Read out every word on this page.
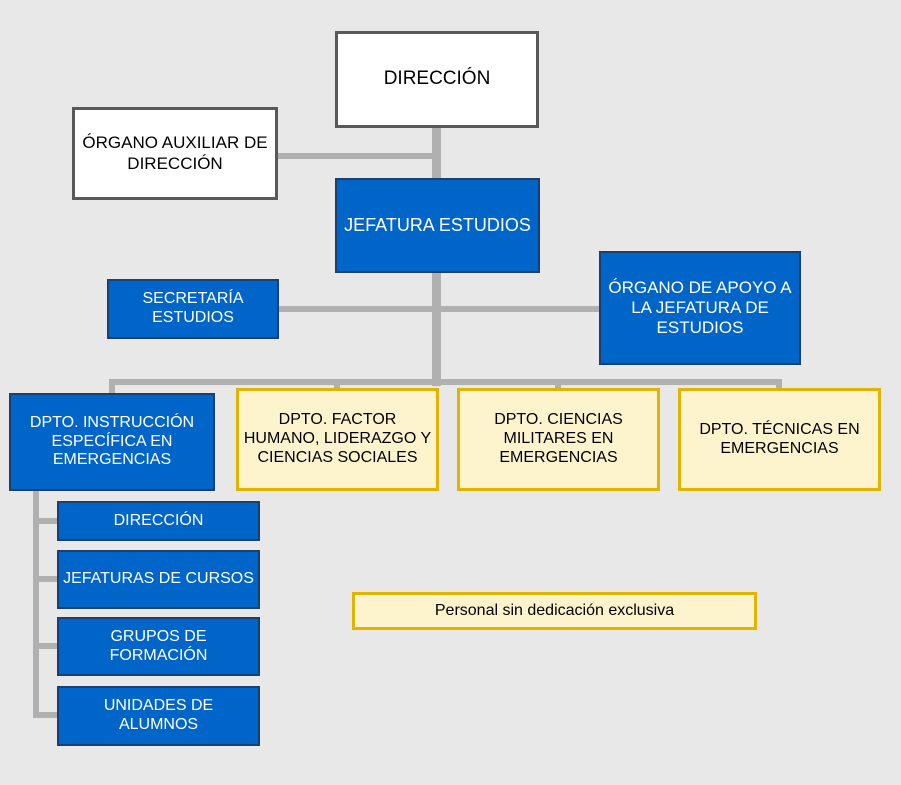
DIRECCIÓN
ÓRGANO AUXILIAR DE DIRECCIÓN
JEFATURA ESTUDIOS
SECRETARÍA ESTUDIOS
ÓRGANO DE APOYO A LA JEFATURA DE ESTUDIOS
DPTO. INSTRUCCIÓN ESPECÍFICA EN EMERGENCIAS
DPTO. FACTOR HUMANO, LIDERAZGO Y CIENCIAS SOCIALES
DPTO. CIENCIAS MILITARES EN EMERGENCIAS
DPTO. TÉCNICAS EN EMERGENCIAS
DIRECCIÓN
JEFATURAS DE CURSOS
GRUPOS DE FORMACIÓN
UNIDADES DE ALUMNOS
Personal sin dedicación exclusiva
